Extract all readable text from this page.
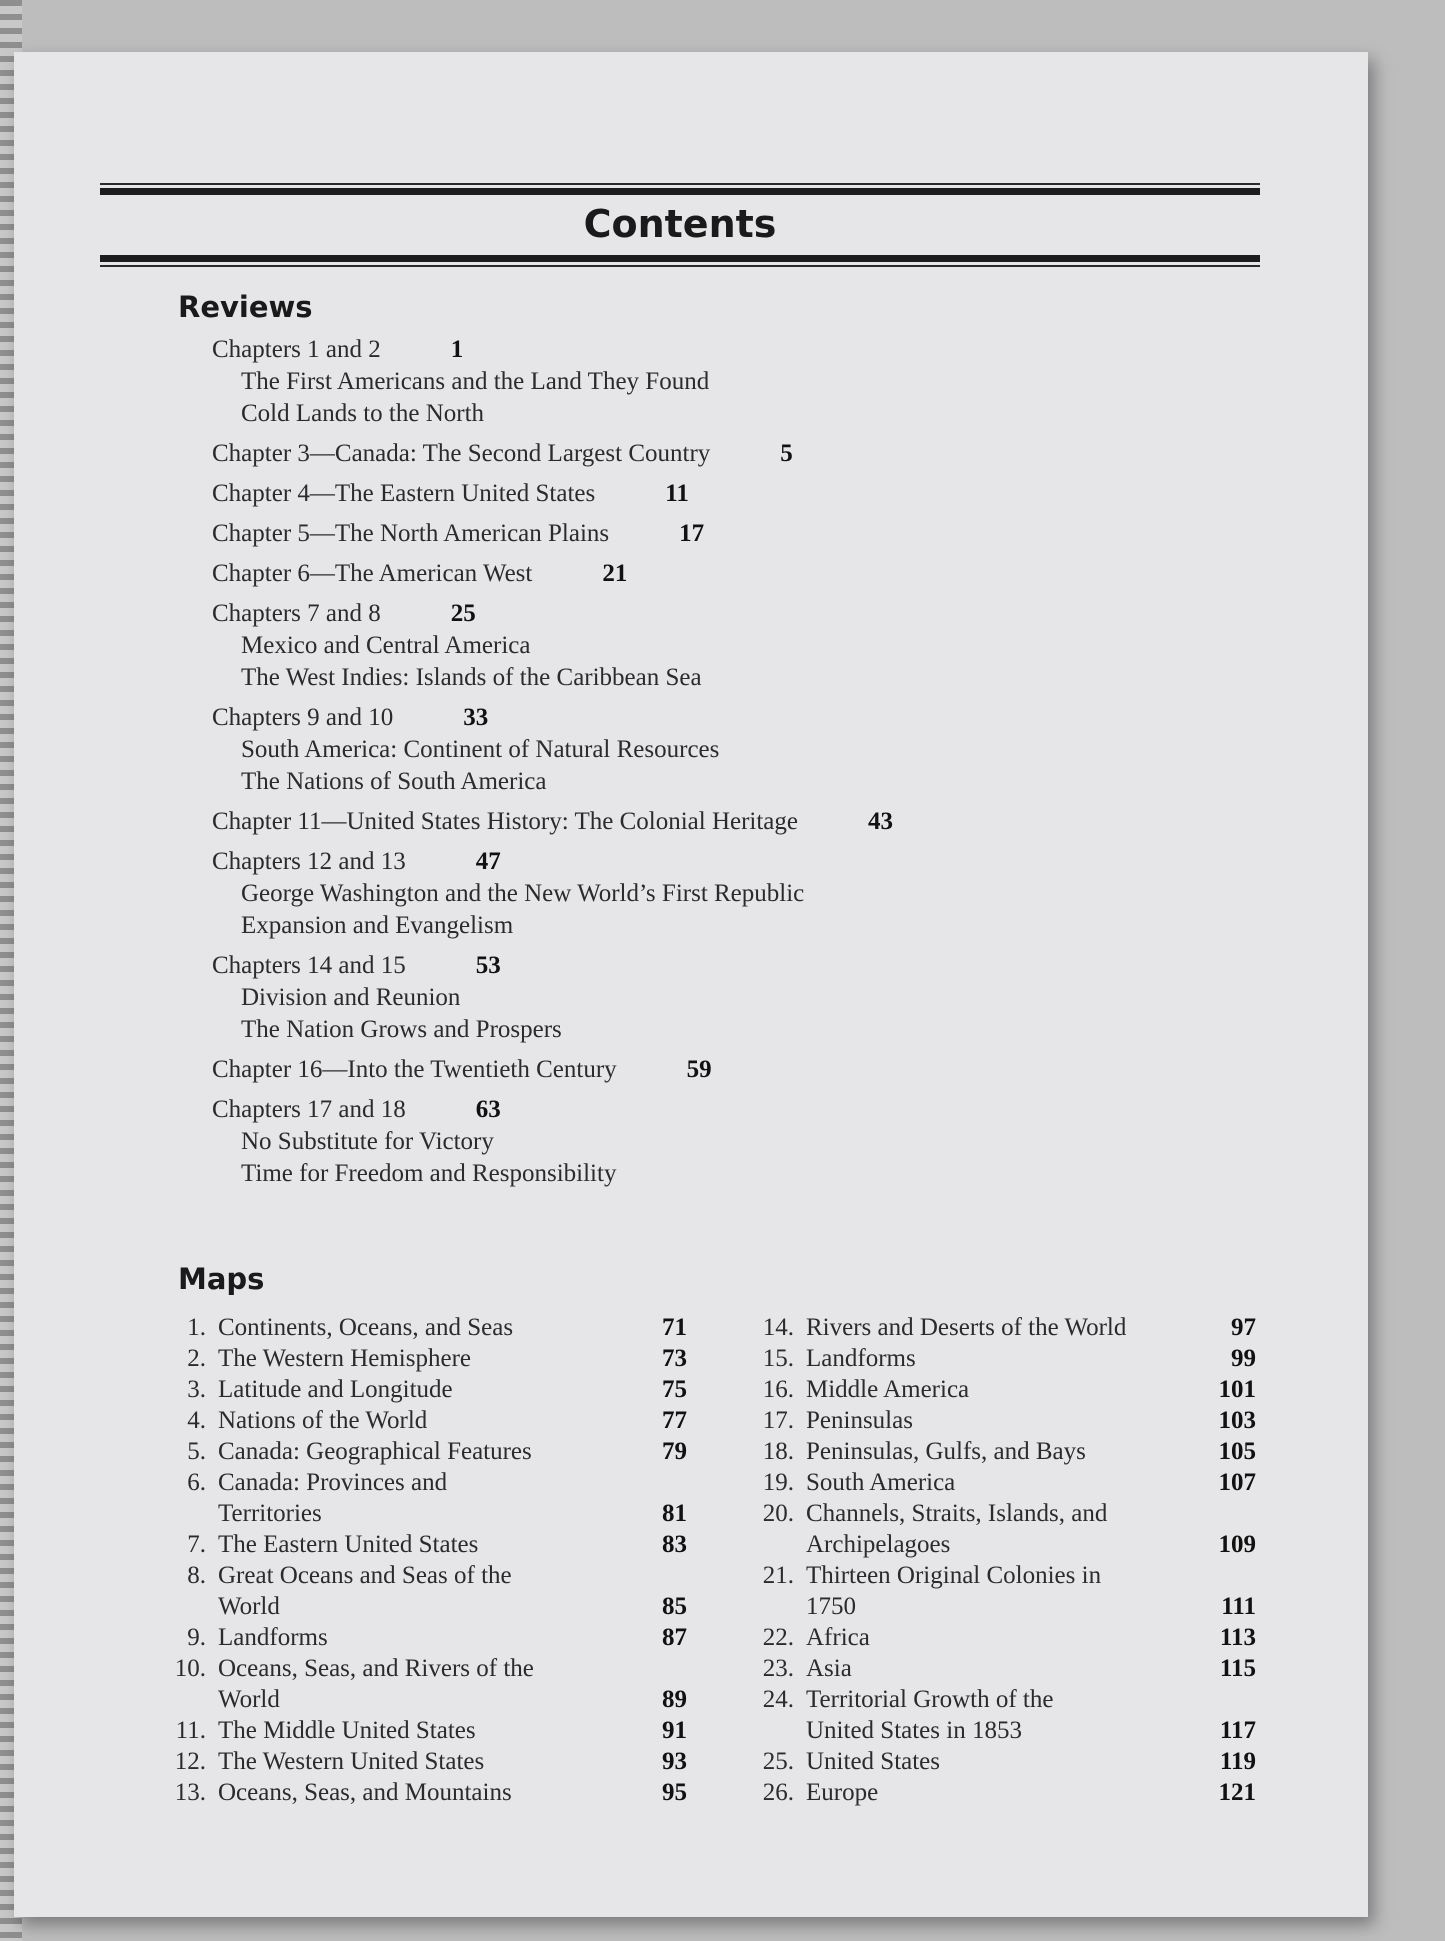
Contents
Reviews
Chapters 1 and 2	1
The First Americans and the Land They Found
Cold Lands to the North
Chapter 3—Canada: The Second Largest Country	5
Chapter 4—The Eastern United States	11
Chapter 5—The North American Plains	17
Chapter 6—The American West	21
Chapters 7 and 8	25
Mexico and Central America
The West Indies: Islands of the Caribbean Sea
Chapters 9 and 10	33
South America: Continent of Natural Resources
The Nations of South America
Chapter 11—United States History: The Colonial Heritage	43
Chapters 12 and 13	47
George Washington and the New World’s First Republic
Expansion and Evangelism
Chapters 14 and 15	53
Division and Reunion
The Nation Grows and Prospers
Chapter 16—Into the Twentieth Century	59
Chapters 17 and 18	63
No Substitute for Victory
Time for Freedom and Responsibility
Maps
1. Continents, Oceans, and Seas	71
2. The Western Hemisphere	73
3. Latitude and Longitude	75
4. Nations of the World	77
5. Canada: Geographical Features	79
6. Canada: Provinces and
Territories	81
7. The Eastern United States	83
8. Great Oceans and Seas of the
World	85
9. Landforms	87
10. Oceans, Seas, and Rivers of the
World	89
11. The Middle United States	91
12. The Western United States	93
13. Oceans, Seas, and Mountains	95
14. Rivers and Deserts of the World	97
15. Landforms	99
16. Middle America	101
17. Peninsulas	103
18. Peninsulas, Gulfs, and Bays	105
19. South America	107
20. Channels, Straits, Islands, and
Archipelagoes	109
21. Thirteen Original Colonies in
1750	111
22. Africa	113
23. Asia	115
24. Territorial Growth of the
United States in 1853	117
25. United States	119
26. Europe	121
